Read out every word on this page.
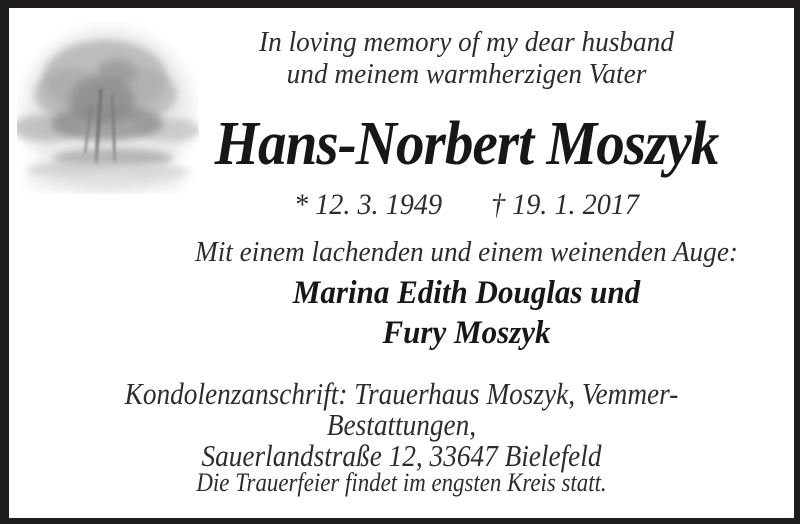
In loving memory of my dear husband
und meinem warmherzigen Vater
Hans-Norbert Moszyk
* 12. 3. 1949 † 19. 1. 2017
Mit einem lachenden und einem weinenden Auge:
Marina Edith Douglas und
Fury Moszyk
Kondolenzanschrift: Trauerhaus Moszyk, Vemmer-Bestattungen,
Sauerlandstraße 12, 33647 Bielefeld
Die Trauerfeier findet im engsten Kreis statt.
